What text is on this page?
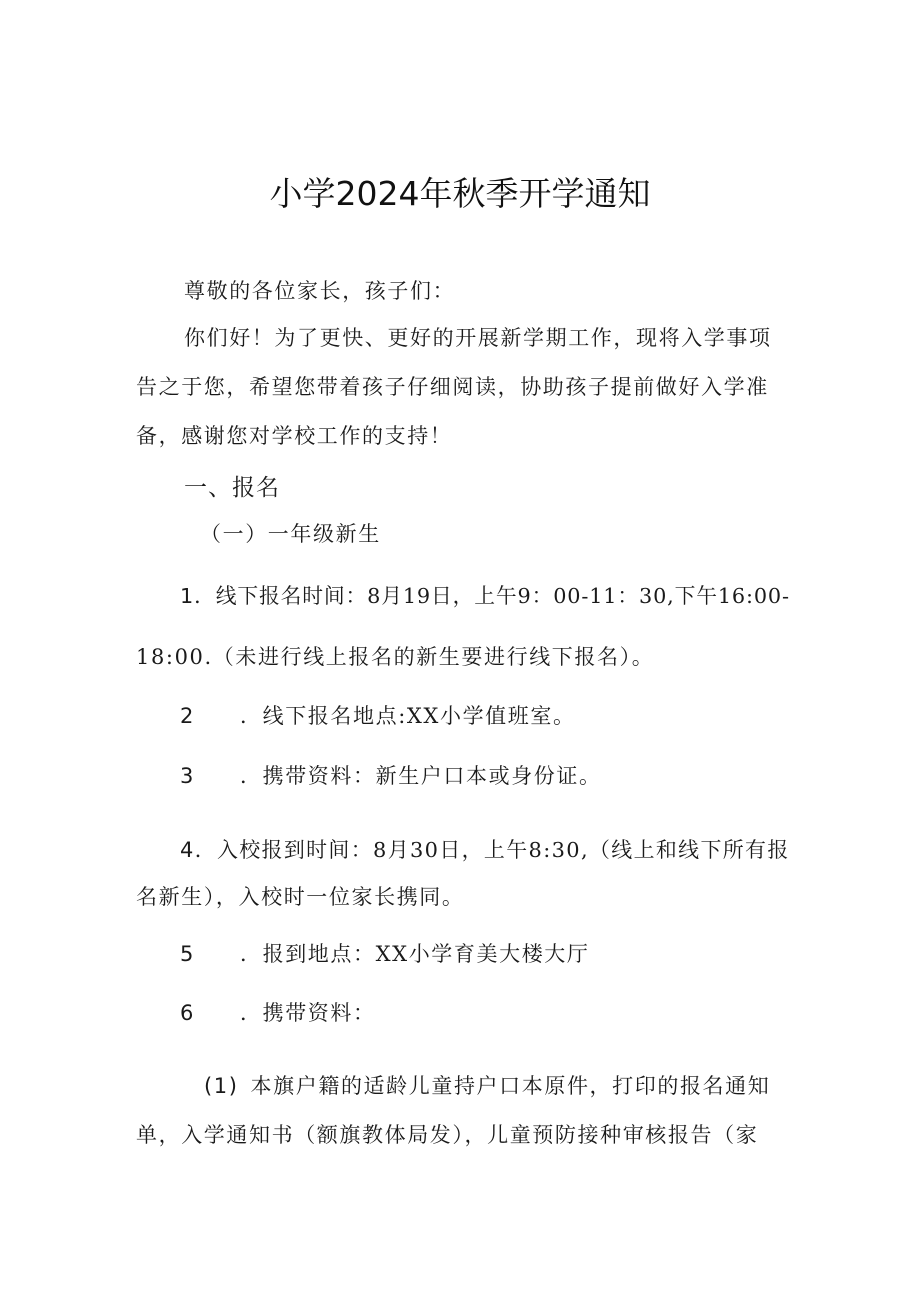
小学2024年秋季开学通知
尊敬的各位家长，孩子们：
你们好！为了更快、更好的开展新学期工作，现将入学事项
告之于您，希望您带着孩子仔细阅读，协助孩子提前做好入学准
备，感谢您对学校工作的支持！
一、报名
（一）一年级新生
1．线下报名时间：8月19日，上午9：00-11：30,下午16:00-
18:00.（未进行线上报名的新生要进行线下报名）。
2 ．线下报名地点:XX小学值班室。
3 ．携带资料：新生户口本或身份证。
4．入校报到时间：8月30日，上午8:30,（线上和线下所有报
名新生），入校时一位家长携同。
5 ．报到地点：XX小学育美大楼大厅
6 ．携带资料：
(1) 本旗户籍的适龄儿童持户口本原件，打印的报名通知
单，入学通知书（额旗教体局发），儿童预防接种审核报告（家
